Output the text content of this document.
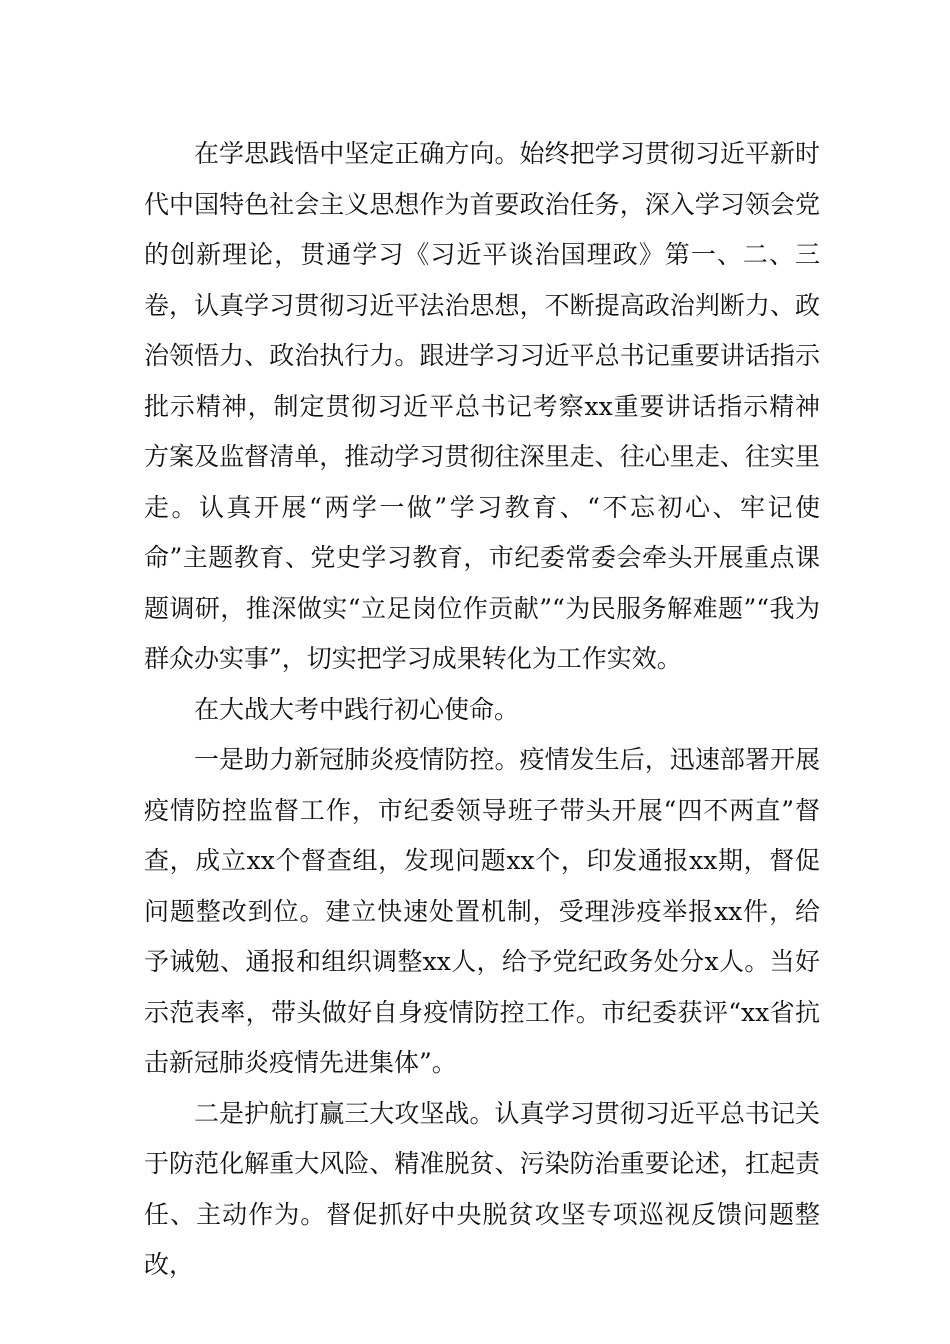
在学思践悟中坚定正确方向。始终把学习贯彻习近平新时代中国特色社会主义思想作为首要政治任务，深入学习领会党的创新理论，贯通学习《习近平谈治国理政》第一、二、三卷，认真学习贯彻习近平法治思想，不断提高政治判断力、政治领悟力、政治执行力。跟进学习习近平总书记重要讲话指示批示精神，制定贯彻习近平总书记考察xx重要讲话指示精神方案及监督清单，推动学习贯彻往深里走、往心里走、往实里走。认真开展“两学一做”学习教育、“不忘初心、牢记使命”主题教育、党史学习教育，市纪委常委会牵头开展重点课题调研，推深做实“立足岗位作贡献”“为民服务解难题”“我为群众办实事”，切实把学习成果转化为工作实效。

在大战大考中践行初心使命。

一是助力新冠肺炎疫情防控。疫情发生后，迅速部署开展疫情防控监督工作，市纪委领导班子带头开展“四不两直”督查，成立xx个督查组，发现问题xx个，印发通报xx期，督促问题整改到位。建立快速处置机制，受理涉疫举报xx件，给予诫勉、通报和组织调整xx人，给予党纪政务处分x人。当好示范表率，带头做好自身疫情防控工作。市纪委获评“xx省抗击新冠肺炎疫情先进集体”。

二是护航打赢三大攻坚战。认真学习贯彻习近平总书记关于防范化解重大风险、精准脱贫、污染防治重要论述，扛起责任、主动作为。督促抓好中央脱贫攻坚专项巡视反馈问题整改，
